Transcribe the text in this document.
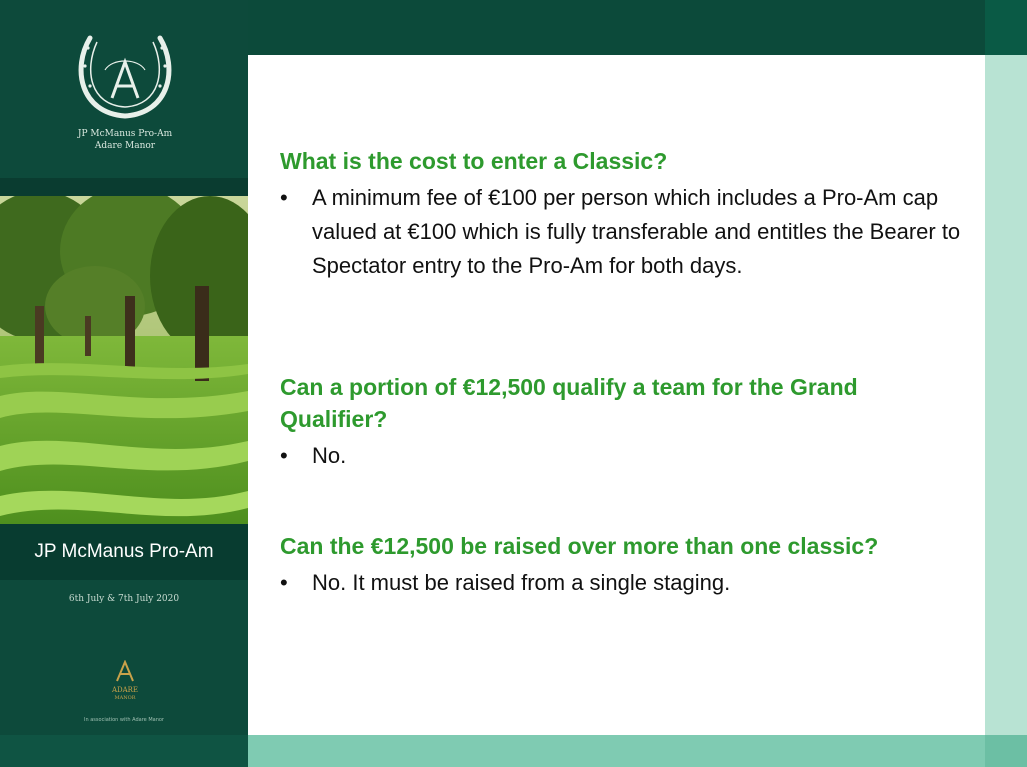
JP McManus Pro-Am
Adare Manor
JP McManus Pro-Am
6th July & 7th July 2020
ADARE
MANOR
In association with Adare Manor

What is the cost to enter a Classic?

•	A minimum fee of €100 per person which includes a Pro-Am cap valued at €100 which is fully transferable and entitles the Bearer to Spectator entry to the Pro-Am for both days.

Can a portion of €12,500 qualify a team for the Grand Qualifier?

•	No.

Can the €12,500 be raised over more than one classic?

•	No. It must be raised from a single staging.
